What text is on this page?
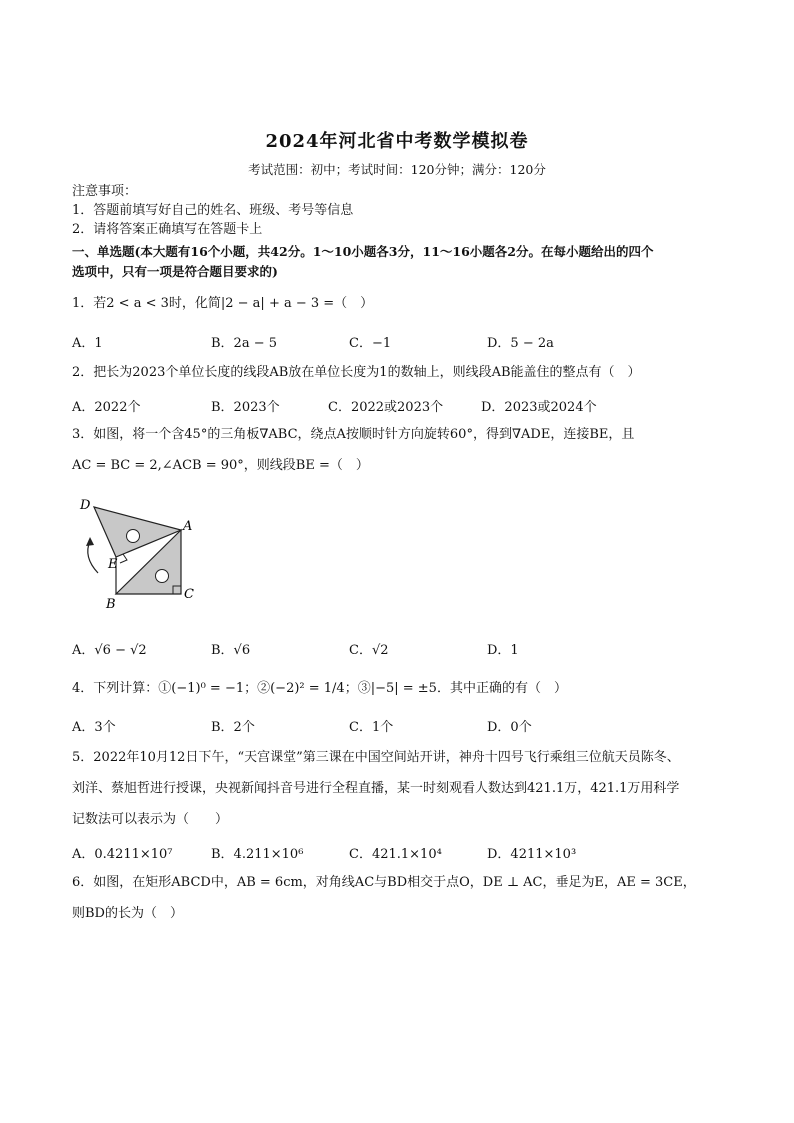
2024年河北省中考数学模拟卷
考试范围：初中；考试时间：120分钟；满分：120分
注意事项：
1．答题前填写好自己的姓名、班级、考号等信息
2．请将答案正确填写在答题卡上
一、单选题(本大题有16个小题，共42分。1～10小题各3分，11～16小题各2分。在每小题给出的四个
选项中，只有一项是符合题目要求的)
1．若2 < a < 3时，化简|2 − a| + a − 3 =（　）
A．1	B．2a − 5	C．−1	D．5 − 2a
2．把长为2023个单位长度的线段AB放在单位长度为1的数轴上，则线段AB能盖住的整点有（　）
A．2022个	B．2023个	C．2022或2023个	D．2023或2024个
3．如图，将一个含45°的三角板∇ABC，绕点A按顺时针方向旋转60°，得到∇ADE，连接BE，且
AC = BC = 2,∠ACB = 90°，则线段BE =（　）
D
A
E
B
C
A．√6 − √2	B．√6	C．√2	D．1
4．下列计算：①(−1)⁰ = −1；②(−2)² = 1/4；③|−5| = ±5．其中正确的有（　）
A．3个	B．2个	C．1个	D．0个
5．2022年10月12日下午，“天宫课堂”第三课在中国空间站开讲，神舟十四号飞行乘组三位航天员陈冬、
刘洋、蔡旭哲进行授课，央视新闻抖音号进行全程直播，某一时刻观看人数达到421.1万，421.1万用科学
记数法可以表示为（　　）
A．0.4211×10⁷	B．4.211×10⁶	C．421.1×10⁴	D．4211×10³
6．如图，在矩形ABCD中，AB = 6cm，对角线AC与BD相交于点O，DE ⊥ AC，垂足为E，AE = 3CE，
则BD的长为（　）
